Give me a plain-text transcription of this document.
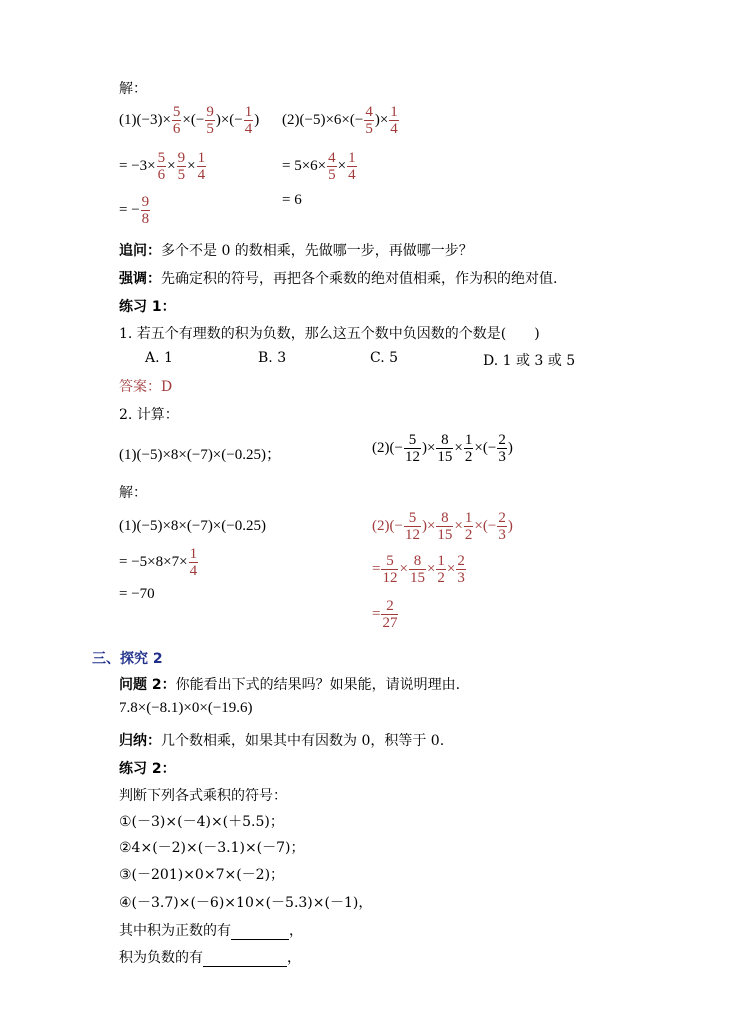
解：
$(1)(-3)\times \frac{5}{6}$ ×(− $\frac{9}{5}$ )×(− $\frac{1}{4}$ ) $(2)(-5)\times 6\times(- \frac{4}{5}$ )× $\frac{1}{4}$
= $-3\times \frac{5}{6} \times \frac{9}{5} \times \frac{1}{4}$	= $5\times 6\times \frac{4}{5} \times \frac{1}{4}$
= − $\frac{9}{8}$	= 6
追问：多个不是 0 的数相乘，先做哪一步，再做哪一步？
强调：先确定积的符号，再把各个乘数的绝对值相乘，作为积的绝对值.
练习 1：
1. 若五个有理数的积为负数，那么这五个数中负因数的个数是(　　)
A. 1	B. 3	C. 5	D. 1 或 3 或 5
答案：D
2. 计算：
(1)(−5)×8×(−7)×(−0.25)；	$(2)(- \frac{5}{12}$ )× $\frac{8}{15} \times \frac{1}{2}$ ×(− $\frac{2}{3}$ )
解：
(1)(−5)×8×(−7)×(−0.25)
= $-5\times 8\times 7\times \frac{1}{4}$
= −70
$(2)(- \frac{5}{12}$ )× $\frac{8}{15} \times \frac{1}{2}$ ×(− $\frac{2}{3}$ )
= $\frac{5}{12} \times \frac{8}{15} \times \frac{1}{2} \times \frac{2}{3}$
= $\frac{2}{27}$
三、探究 2
问题 2：你能看出下式的结果吗？如果能，请说明理由.
7.8×(−8.1)×0×(−19.6)
归纳：几个数相乘，如果其中有因数为 0，积等于 0.
练习 2：
判断下列各式乘积的符号：
①(－3)×(－4)×(＋5.5)；
②4×(－2)×(－3.1)×(－7)；
③(－201)×0×7×(－2)；
④(－3.7)×(－6)×10×(－5.3)×(－1)，
其中积为正数的有	，
积为负数的有	，
